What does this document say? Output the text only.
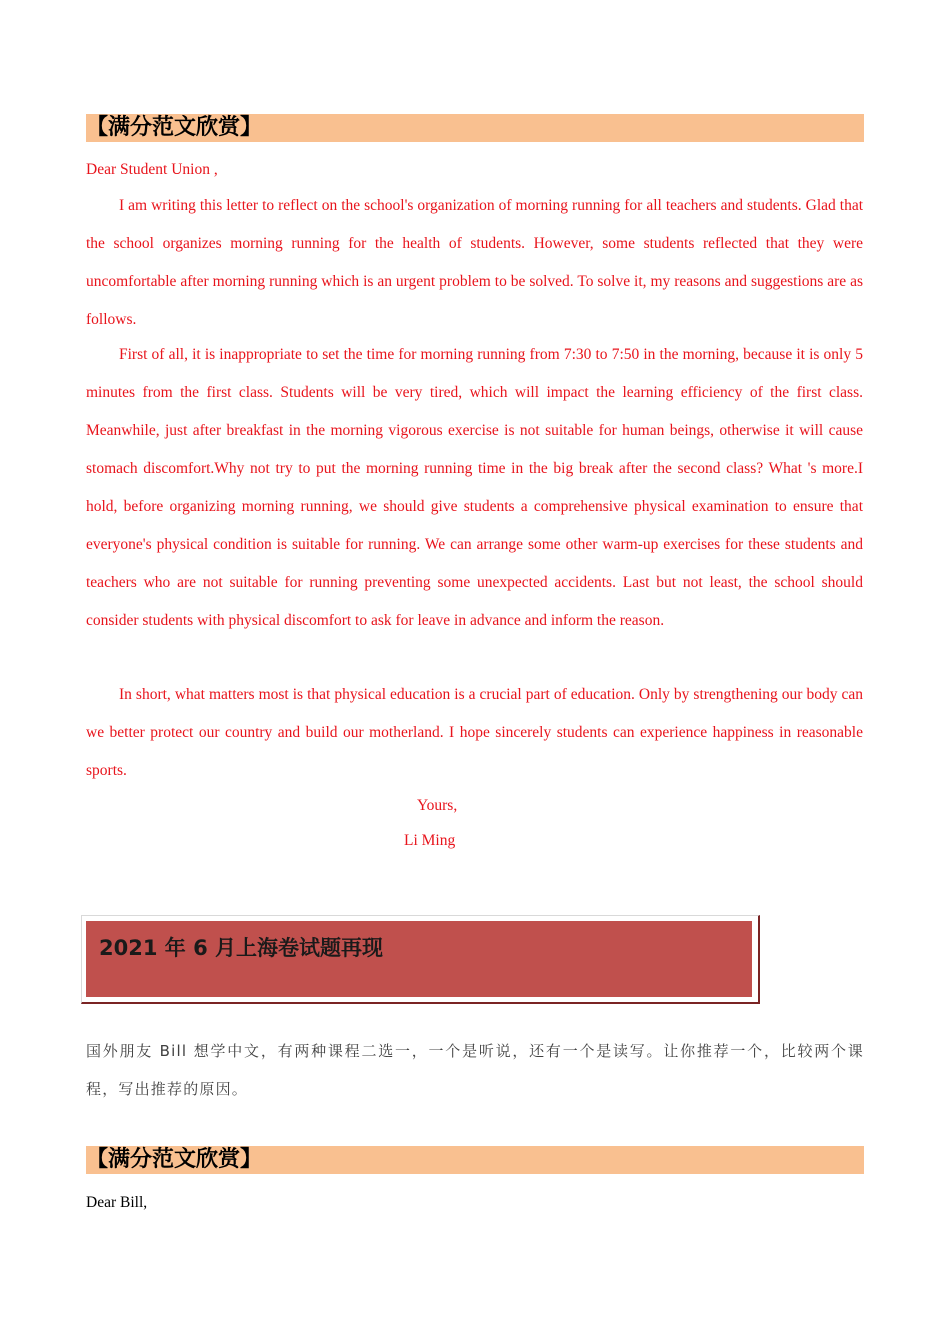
【满分范文欣赏】
Dear Student Union ,

I am writing this letter to reflect on the school's organization of morning running for all teachers and students. Glad that the school organizes morning running for the health of students. However, some students reflected that they were uncomfortable after morning running which is an urgent problem to be solved. To solve it, my reasons and suggestions are as follows.

First of all, it is inappropriate to set the time for morning running from 7:30 to 7:50 in the morning, because it is only 5 minutes from the first class. Students will be very tired, which will impact the learning efficiency of the first class. Meanwhile, just after breakfast in the morning vigorous exercise is not suitable for human beings, otherwise it will cause stomach discomfort.Why not try to put the morning running time in the big break after the second class? What 's more.I hold, before organizing morning running, we should give students a comprehensive physical examination to ensure that everyone's physical condition is suitable for running. We can arrange some other warm-up exercises for these students and teachers who are not suitable for running preventing some unexpected accidents. Last but not least, the school should consider students with physical discomfort to ask for leave in advance and inform the reason.

In short, what matters most is that physical education is a crucial part of education. Only by strengthening our body can we better protect our country and build our motherland. I hope sincerely students can experience happiness in reasonable sports.

Yours,
Li Ming
2021 年 6 月上海卷试题再现

国外朋友 Bill 想学中文，有两种课程二选一，一个是听说，还有一个是读写。让你推荐一个，比较两个课程，写出推荐的原因。

【满分范文欣赏】
Dear Bill,
